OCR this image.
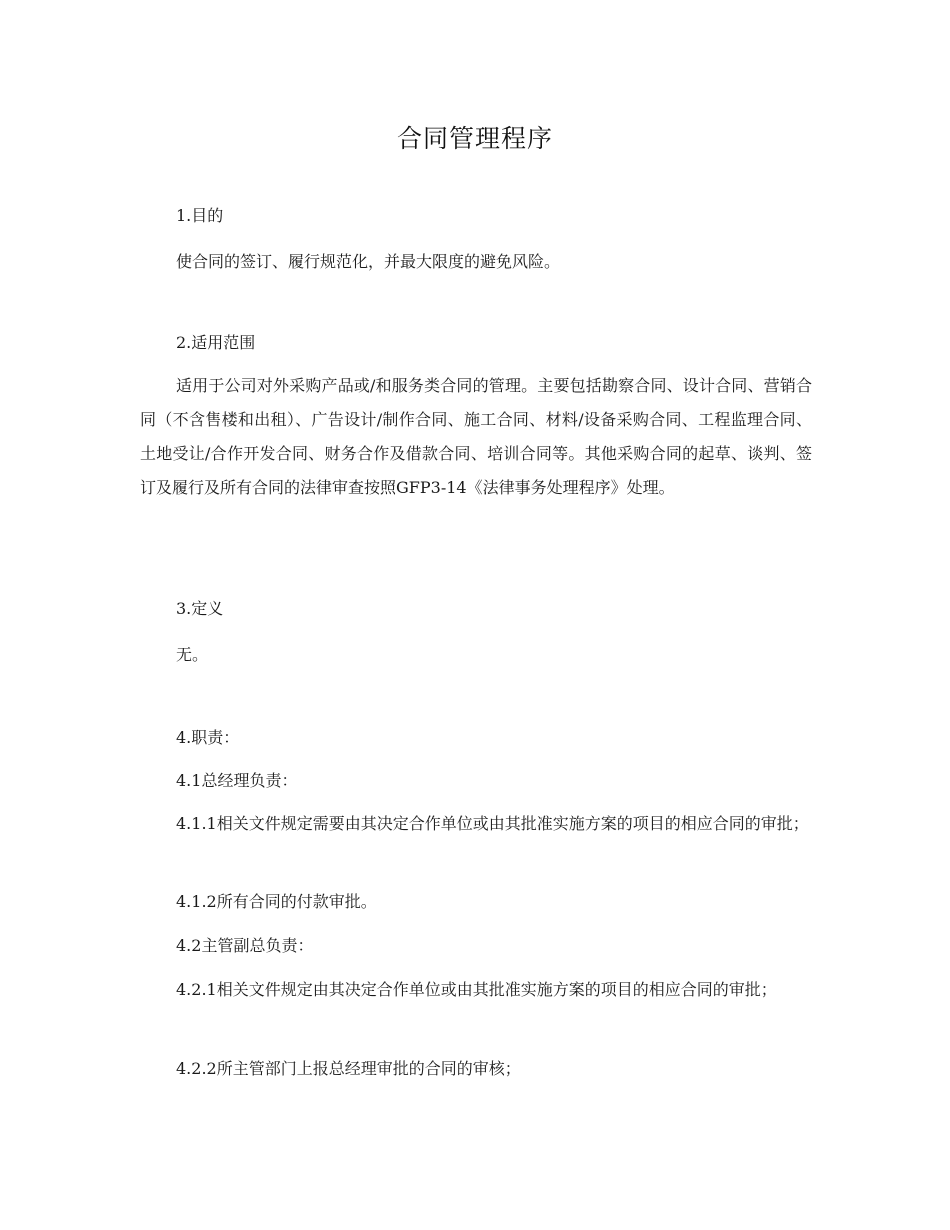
合同管理程序
1.目的
使合同的签订、履行规范化，并最大限度的避免风险。
2.适用范围
适用于公司对外采购产品或/和服务类合同的管理。主要包括勘察合同、设计合同、营销合同（不含售楼和出租）、广告设计/制作合同、施工合同、材料/设备采购合同、工程监理合同、土地受让/合作开发合同、财务合作及借款合同、培训合同等。其他采购合同的起草、谈判、签订及履行及所有合同的法律审查按照GFP3-14《法律事务处理程序》处理。
3.定义
无。
4.职责：
4.1总经理负责：
4.1.1相关文件规定需要由其决定合作单位或由其批准实施方案的项目的相应合同的审批；
4.1.2所有合同的付款审批。
4.2主管副总负责：
4.2.1相关文件规定由其决定合作单位或由其批准实施方案的项目的相应合同的审批；
4.2.2所主管部门上报总经理审批的合同的审核；
